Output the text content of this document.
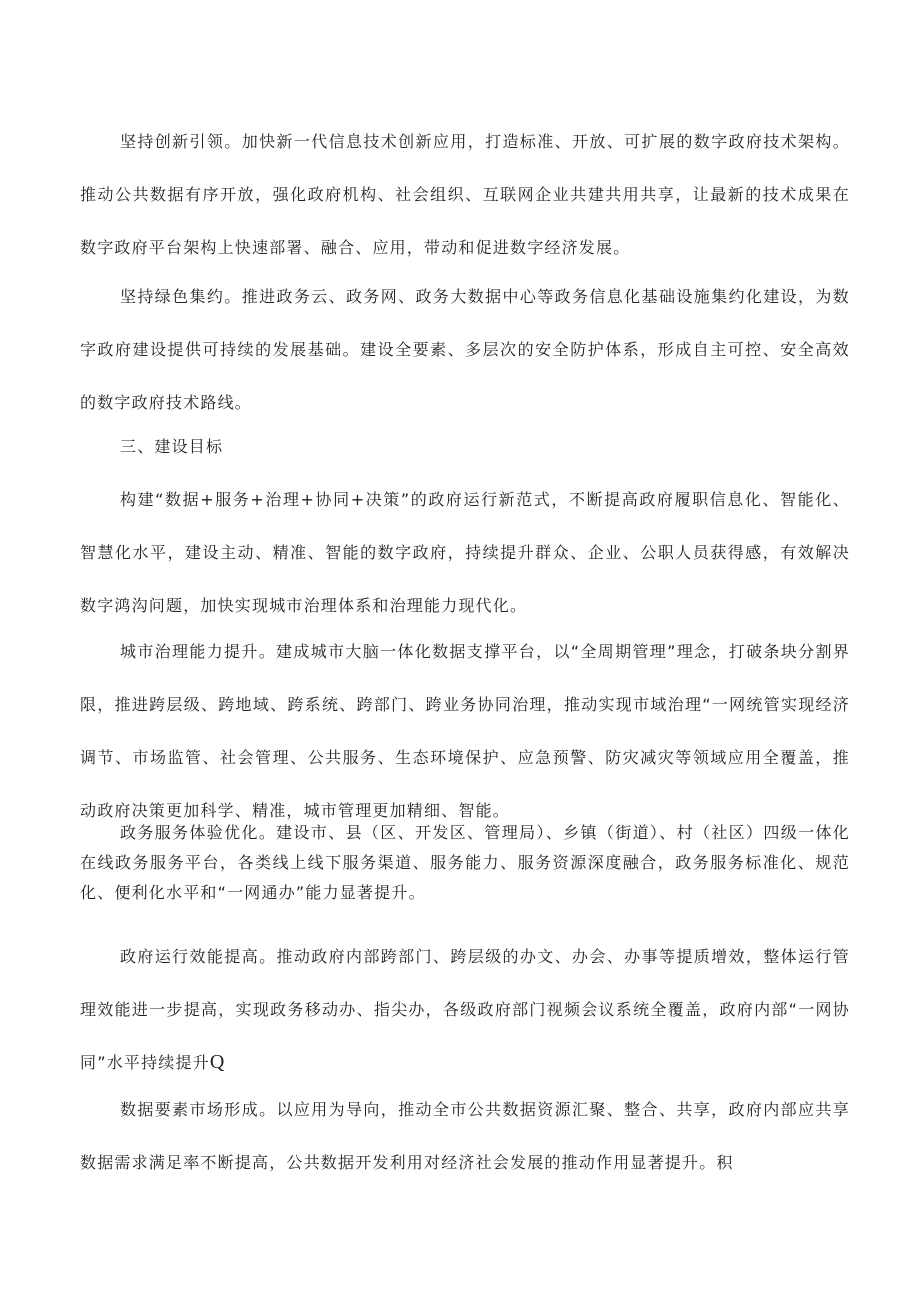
坚持创新引领。加快新一代信息技术创新应用，打造标准、开放、可扩展的数字政府技术架构。推动公共数据有序开放，强化政府机构、社会组织、互联网企业共建共用共享，让最新的技术成果在数字政府平台架构上快速部署、融合、应用，带动和促进数字经济发展。

坚持绿色集约。推进政务云、政务网、政务大数据中心等政务信息化基础设施集约化建设，为数字政府建设提供可持续的发展基础。建设全要素、多层次的安全防护体系，形成自主可控、安全高效的数字政府技术路线。

三、建设目标

构建“数据+服务+治理+协同+决策”的政府运行新范式，不断提高政府履职信息化、智能化、智慧化水平，建设主动、精准、智能的数字政府，持续提升群众、企业、公职人员获得感，有效解决数字鸿沟问题，加快实现城市治理体系和治理能力现代化。

城市治理能力提升。建成城市大脑一体化数据支撑平台，以“全周期管理”理念，打破条块分割界限，推进跨层级、跨地域、跨系统、跨部门、跨业务协同治理，推动实现市域治理“一网统管实现经济调节、市场监管、社会管理、公共服务、生态环境保护、应急预警、防灾减灾等领域应用全覆盖，推动政府决策更加科学、精准，城市管理更加精细、智能。

政务服务体验优化。建设市、县（区、开发区、管理局）、乡镇（街道）、村（社区）四级一体化在线政务服务平台，各类线上线下服务渠道、服务能力、服务资源深度融合，政务服务标准化、规范化、便利化水平和“一网通办”能力显著提升。

政府运行效能提高。推动政府内部跨部门、跨层级的办文、办会、办事等提质增效，整体运行管理效能进一步提高，实现政务移动办、指尖办，各级政府部门视频会议系统全覆盖，政府内部“一网协同”水平持续提升Q

数据要素市场形成。以应用为导向，推动全市公共数据资源汇聚、整合、共享，政府内部应共享数据需求满足率不断提高，公共数据开发利用对经济社会发展的推动作用显著提升。积
